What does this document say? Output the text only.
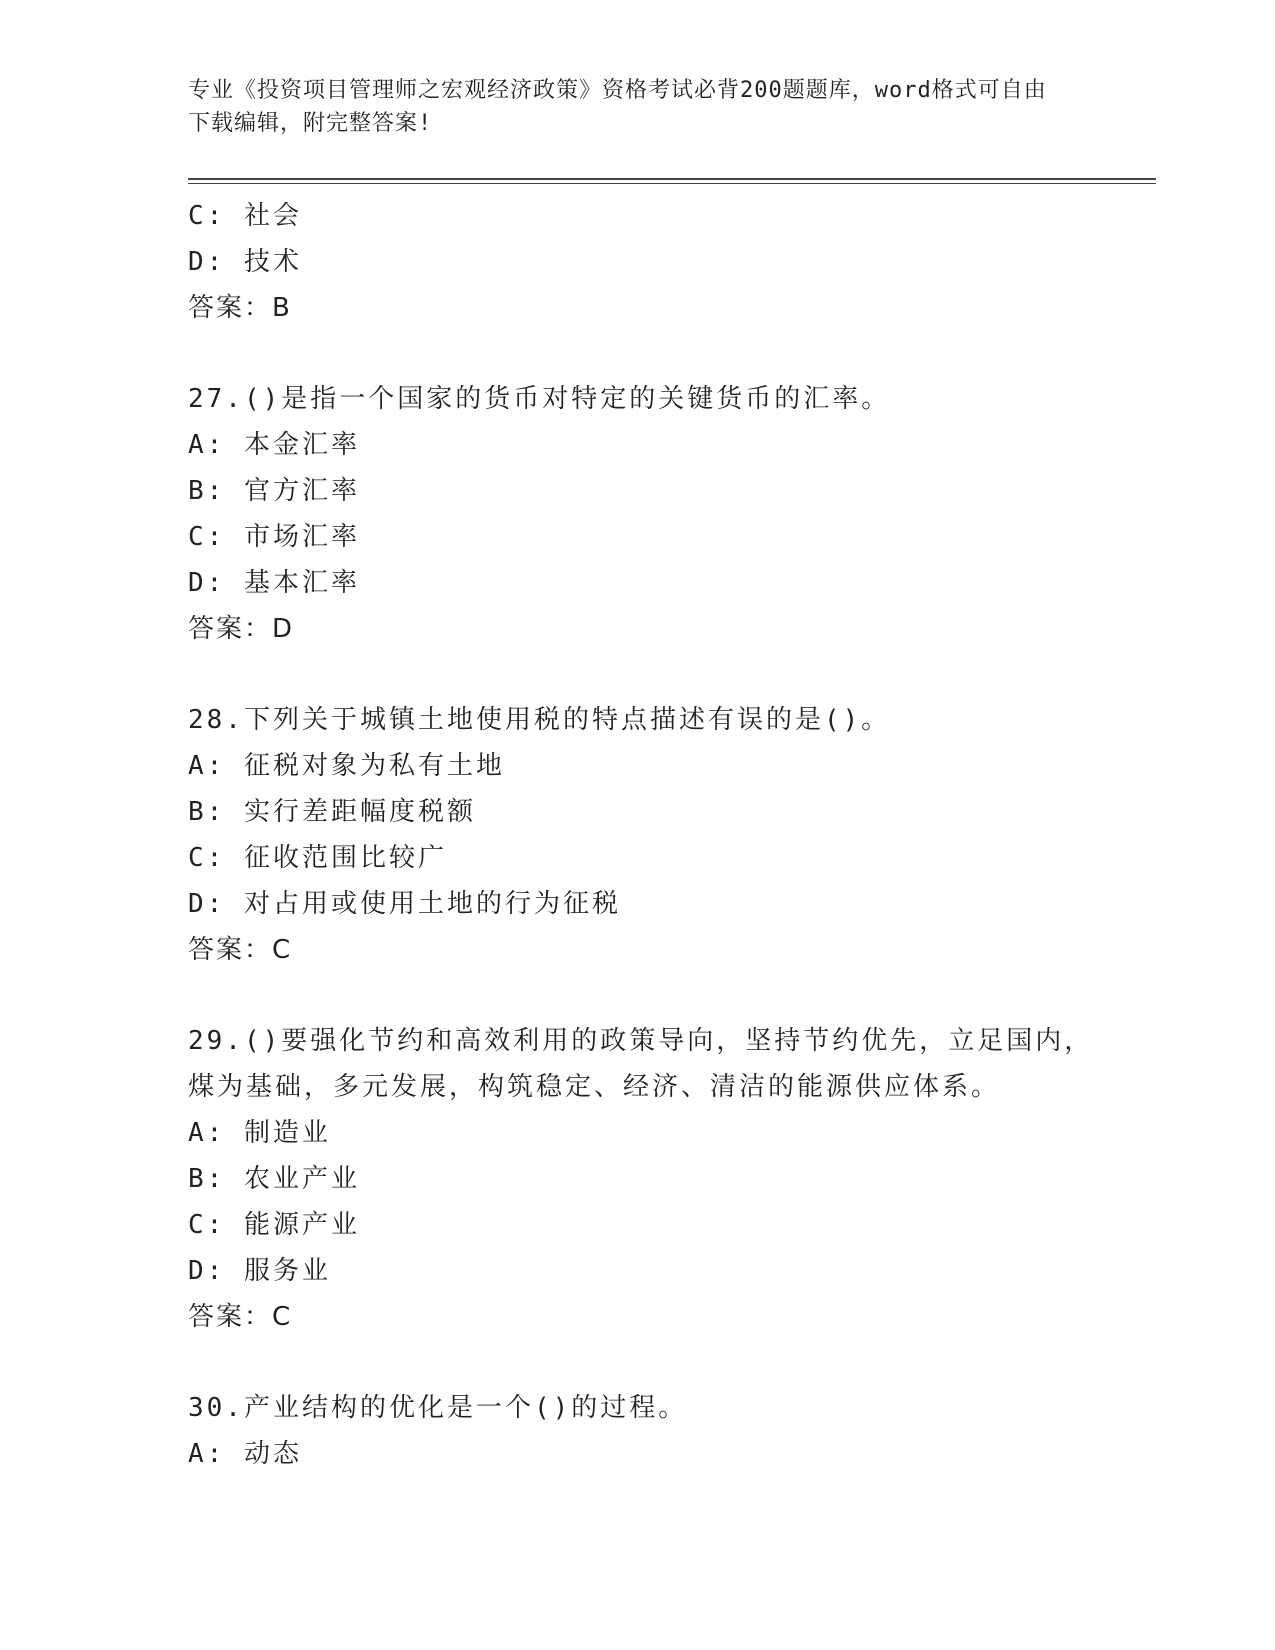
专业《投资项目管理师之宏观经济政策》资格考试必背200题题库，word格式可自由下载编辑，附完整答案!
C: 社会
D: 技术
答案：B
27.()是指一个国家的货币对特定的关键货币的汇率。
A: 本金汇率
B: 官方汇率
C: 市场汇率
D: 基本汇率
答案：D
28.下列关于城镇土地使用税的特点描述有误的是()。
A: 征税对象为私有土地
B: 实行差距幅度税额
C: 征收范围比较广
D: 对占用或使用土地的行为征税
答案：C
29.()要强化节约和高效利用的政策导向，坚持节约优先，立足国内，
煤为基础，多元发展，构筑稳定、经济、清洁的能源供应体系。
A: 制造业
B: 农业产业
C: 能源产业
D: 服务业
答案：C
30.产业结构的优化是一个()的过程。
A: 动态
